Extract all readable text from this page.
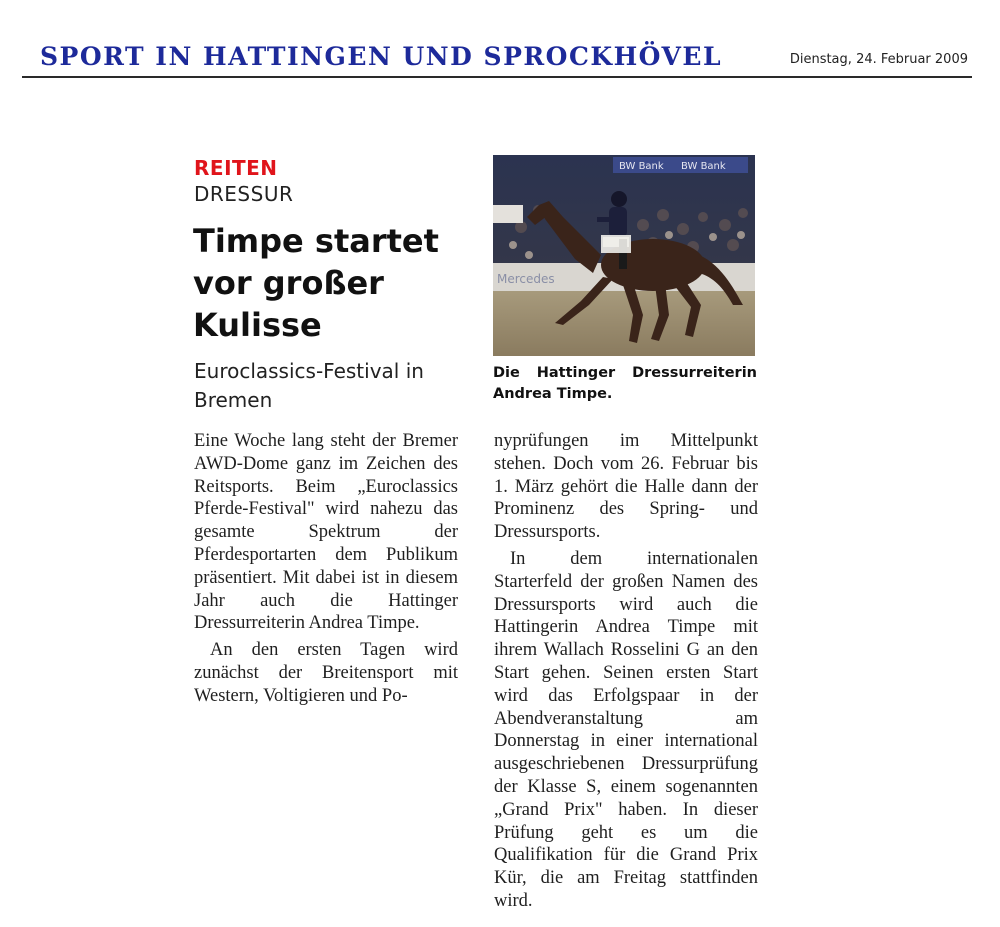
SPORT IN HATTINGEN UND SPROCKHÖVEL	Dienstag, 24. Februar 2009
REITEN
DRESSUR
Timpe startet vor großer Kulisse
Euroclassics-Festival in Bremen
BW Bank BW Bank
Mercedes
Die Hattinger Dressurreiterin Andrea Timpe.

Eine Woche lang steht der Bremer AWD-Dome ganz im Zeichen des Reitsports. Beim „Euroclassics Pferde-Festival" wird nahezu das gesamte Spektrum der Pferdesportarten dem Publikum präsentiert. Mit dabei ist in diesem Jahr auch die Hattinger Dressurreiterin Andrea Timpe.

An den ersten Tagen wird zunächst der Breitensport mit Western, Voltigieren und Po-

nyprüfungen im Mittelpunkt stehen. Doch vom 26. Februar bis 1. März gehört die Halle dann der Prominenz des Spring- und Dressursports.

In dem internationalen Starterfeld der großen Namen des Dressursports wird auch die Hattingerin Andrea Timpe mit ihrem Wallach Rosselini G an den Start gehen. Seinen ersten Start wird das Erfolgspaar in der Abendveranstaltung am Donnerstag in einer international ausgeschriebenen Dressurprüfung der Klasse S, einem sogenannten „Grand Prix" haben. In dieser Prüfung geht es um die Qualifikation für die Grand Prix Kür, die am Freitag stattfinden wird.
